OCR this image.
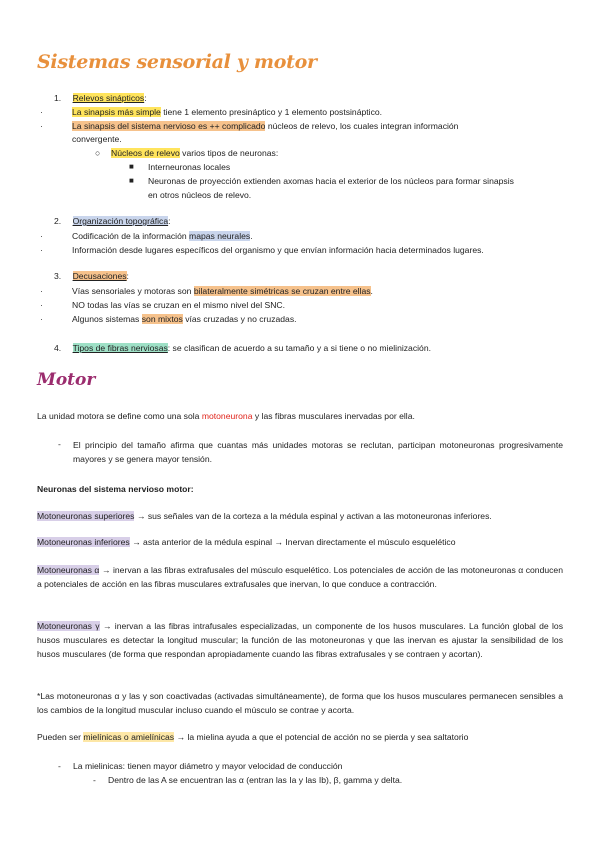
Sistemas sensorial y motor
1. Relevos sinápticos:
·	La sinapsis más simple tiene 1 elemento presináptico y 1 elemento postsináptico.
·	La sinapsis del sistema nervioso es ++ complicado núcleos de relevo, los cuales integran información
convergente.
○ Núcleos de relevo varios tipos de neuronas:
■ Interneuronas locales
■ Neuronas de proyección extienden axomas hacia el exterior de los núcleos para formar sinapsis
en otros núcleos de relevo.
2. Organización topográfica:
·	Codificación de la información mapas neurales.
·	Información desde lugares específicos del organismo y que envían información hacia determinados lugares.
3. Decusaciones:
·	Vías sensoriales y motoras son bilateralmente simétricas se cruzan entre ellas.
·	NO todas las vías se cruzan en el mismo nivel del SNC.
·	Algunos sistemas son mixtos vías cruzadas y no cruzadas.
4. Tipos de fibras nerviosas: se clasifican de acuerdo a su tamaño y a si tiene o no mielinización.
Motor
La unidad motora se define como una sola motoneurona y las fibras musculares inervadas por ella.
- El principio del tamaño afirma que cuantas más unidades motoras se reclutan, participan motoneuronas progresivamente mayores y se genera mayor tensión.
Neuronas del sistema nervioso motor:
Motoneuronas superiores → sus señales van de la corteza a la médula espinal y activan a las motoneuronas inferiores.
Motoneuronas inferiores → asta anterior de la médula espinal → Inervan directamente el músculo esquelético
Motoneuronas α → inervan a las fibras extrafusales del músculo esquelético. Los potenciales de acción de las motoneuronas α conducen a potenciales de acción en las fibras musculares extrafusales que inervan, lo que conduce a contracción.
Motoneuronas γ → inervan a las fibras intrafusales especializadas, un componente de los husos musculares. La función global de los husos musculares es detectar la longitud muscular; la función de las motoneuronas γ que las inervan es ajustar la sensibilidad de los husos musculares (de forma que respondan apropiadamente cuando las fibras extrafusales γ se contraen y acortan).
*Las motoneuronas α y las γ son coactivadas (activadas simultáneamente), de forma que los husos musculares permanecen sensibles a los cambios de la longitud muscular incluso cuando el músculo se contrae y acorta.
Pueden ser mielínicas o amielínicas → la mielina ayuda a que el potencial de acción no se pierda y sea saltatorio
- La mielinicas: tienen mayor diámetro y mayor velocidad de conducción
- Dentro de las A se encuentran las α (entran las Ia y las Ib), β, gamma y delta.
